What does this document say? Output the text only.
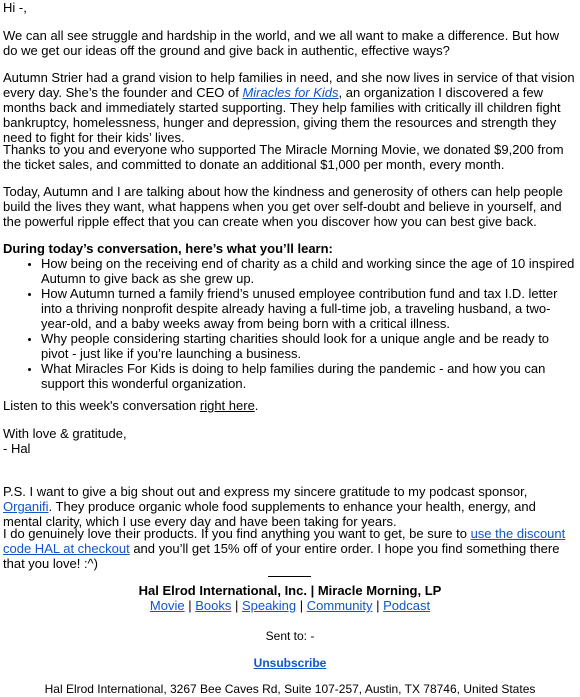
Hi -,

We can all see struggle and hardship in the world, and we all want to make a difference. But how do we get our ideas off the ground and give back in authentic, effective ways?

Autumn Strier had a grand vision to help families in need, and she now lives in service of that vision every day. She’s the founder and CEO of Miracles for Kids, an organization I discovered a few months back and immediately started supporting. They help families with critically ill children fight bankruptcy, homelessness, hunger and depression, giving them the resources and strength they need to fight for their kids’ lives.

Thanks to you and everyone who supported The Miracle Morning Movie, we donated $9,200 from the ticket sales, and committed to donate an additional $1,000 per month, every month.

Today, Autumn and I are talking about how the kindness and generosity of others can help people build the lives they want, what happens when you get over self-doubt and believe in yourself, and the powerful ripple effect that you can create when you discover how you can best give back.

During today’s conversation, here’s what you’ll learn:

• How being on the receiving end of charity as a child and working since the age of 10 inspired Autumn to give back as she grew up.
• How Autumn turned a family friend’s unused employee contribution fund and tax I.D. letter into a thriving nonprofit despite already having a full-time job, a traveling husband, a two-year-old, and a baby weeks away from being born with a critical illness.
• Why people considering starting charities should look for a unique angle and be ready to pivot - just like if you’re launching a business.
• What Miracles For Kids is doing to help families during the pandemic - and how you can support this wonderful organization.

Listen to this week's conversation right here.

With love & gratitude,

- Hal

P.S. I want to give a big shout out and express my sincere gratitude to my podcast sponsor, Organifi. They produce organic whole food supplements to enhance your health, energy, and mental clarity, which I use every day and have been taking for years.

I do genuinely love their products. If you find anything you want to get, be sure to use the discount code HAL at checkout and you’ll get 15% off of your entire order. I hope you find something there that you love! :^)

Hal Elrod International, Inc. | Miracle Morning, LP

Movie | Books | Speaking | Community | Podcast

Sent to: -

Unsubscribe

Hal Elrod International, 3267 Bee Caves Rd, Suite 107-257, Austin, TX 78746, United States
